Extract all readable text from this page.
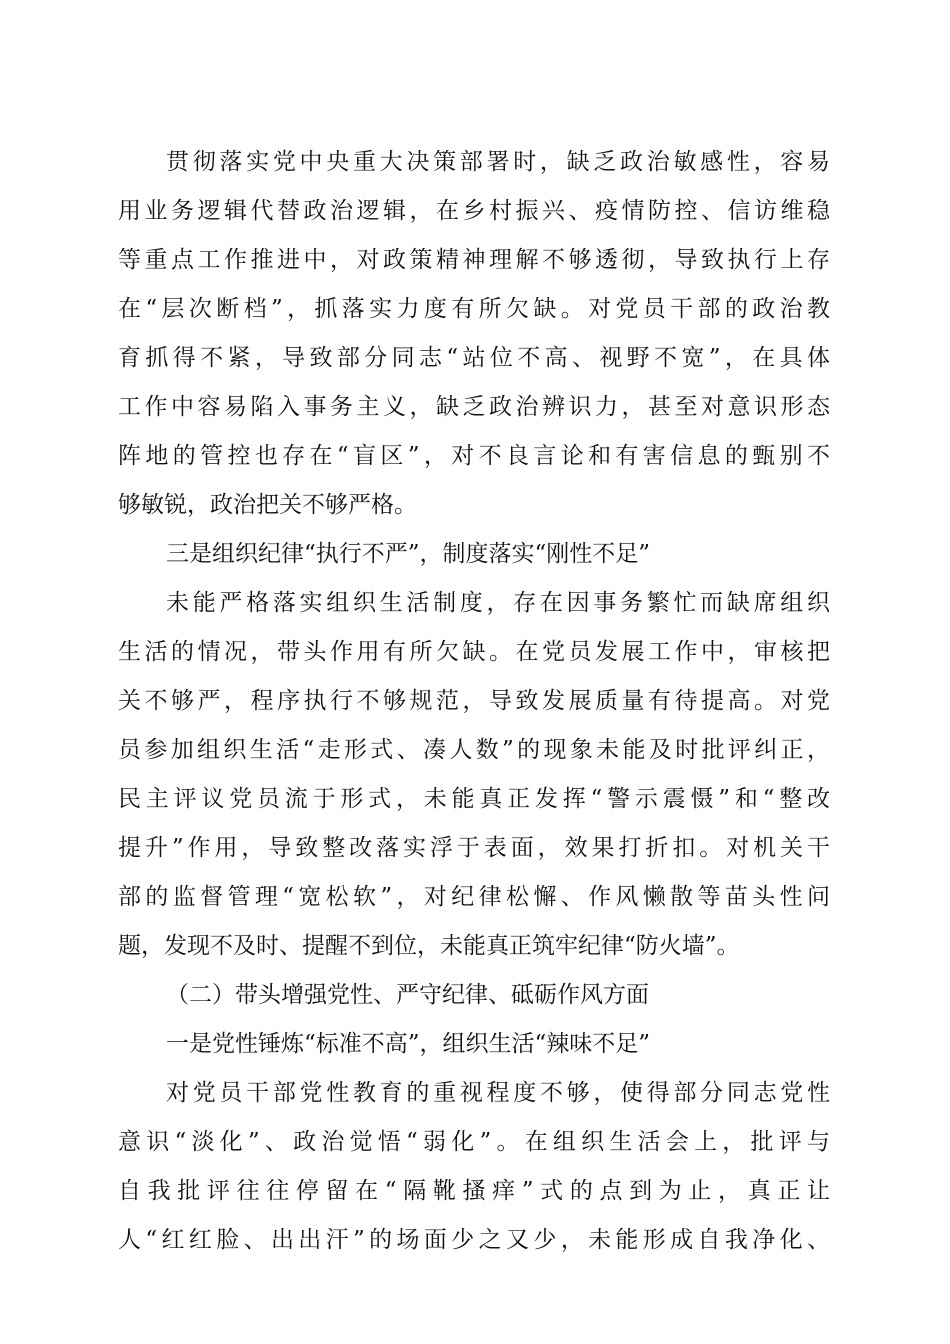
贯彻落实党中央重大决策部署时，缺乏政治敏感性，容易
用业务逻辑代替政治逻辑，在乡村振兴、疫情防控、信访维稳
等重点工作推进中，对政策精神理解不够透彻，导致执行上存
在“层次断档”，抓落实力度有所欠缺。对党员干部的政治教
育抓得不紧，导致部分同志“站位不高、视野不宽”，在具体
工作中容易陷入事务主义，缺乏政治辨识力，甚至对意识形态
阵地的管控也存在“盲区”，对不良言论和有害信息的甄别不
够敏锐，政治把关不够严格。
三是组织纪律“执行不严”，制度落实“刚性不足”
未能严格落实组织生活制度，存在因事务繁忙而缺席组织
生活的情况，带头作用有所欠缺。在党员发展工作中，审核把
关不够严，程序执行不够规范，导致发展质量有待提高。对党
员参加组织生活“走形式、凑人数”的现象未能及时批评纠正，
民主评议党员流于形式，未能真正发挥“警示震慑”和“整改
提升”作用，导致整改落实浮于表面，效果打折扣。对机关干
部的监督管理“宽松软”，对纪律松懈、作风懒散等苗头性问
题，发现不及时、提醒不到位，未能真正筑牢纪律“防火墙”。
（二）带头增强党性、严守纪律、砥砺作风方面
一是党性锤炼“标准不高”，组织生活“辣味不足”
对党员干部党性教育的重视程度不够，使得部分同志党性
意识“淡化”、政治觉悟“弱化”。在组织生活会上，批评与
自我批评往往停留在“隔靴搔痒”式的点到为止，真正让
人“红红脸、出出汗”的场面少之又少，未能形成自我净化、
